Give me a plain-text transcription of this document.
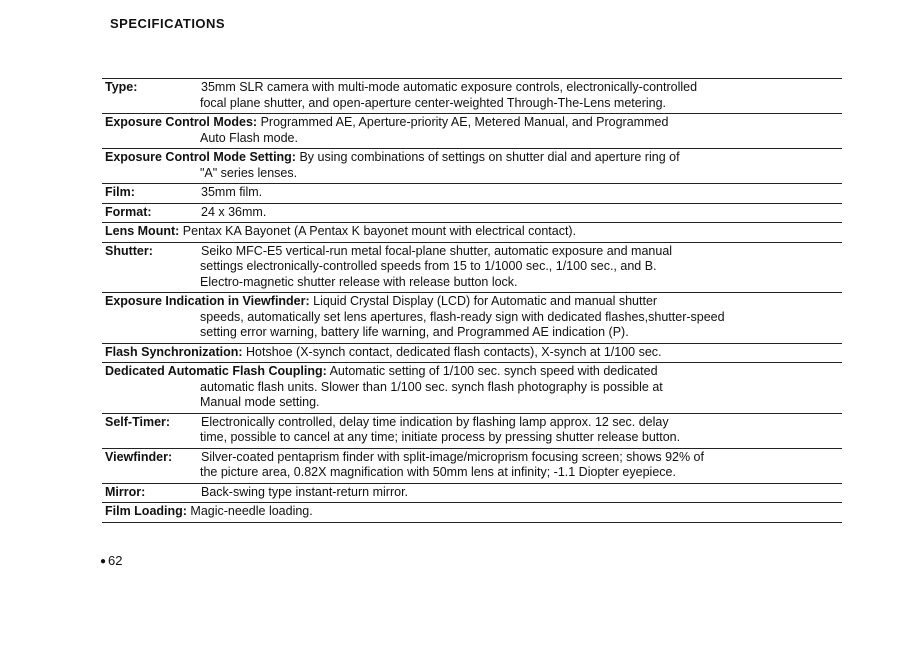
SPECIFICATIONS
Type:	35mm SLR camera with multi-mode automatic exposure controls, electronically-controlled
focal plane shutter, and open-aperture center-weighted Through-The-Lens metering.
Exposure Control Modes: Programmed AE, Aperture-priority AE, Metered Manual, and Programmed
Auto Flash mode.
Exposure Control Mode Setting: By using combinations of settings on shutter dial and aperture ring of
"A" series lenses.
Film:	35mm film.
Format:	24 x 36mm.
Lens Mount: Pentax KA Bayonet (A Pentax K bayonet mount with electrical contact).
Shutter:	Seiko MFC-E5 vertical-run metal focal-plane shutter, automatic exposure and manual
settings electronically-controlled speeds from 15 to 1/1000 sec., 1/100 sec., and B.
Electro-magnetic shutter release with release button lock.
Exposure Indication in Viewfinder: Liquid Crystal Display (LCD) for Automatic and manual shutter
speeds, automatically set lens apertures, flash-ready sign with dedicated flashes,shutter-speed
setting error warning, battery life warning, and Programmed AE indication (P).
Flash Synchronization: Hotshoe (X-synch contact, dedicated flash contacts), X-synch at 1/100 sec.
Dedicated Automatic Flash Coupling: Automatic setting of 1/100 sec. synch speed with dedicated
automatic flash units. Slower than 1/100 sec. synch flash photography is possible at
Manual mode setting.
Self-Timer: Electronically controlled, delay time indication by flashing lamp approx. 12 sec. delay
time, possible to cancel at any time; initiate process by pressing shutter release button.
Viewfinder: Silver-coated pentaprism finder with split-image/microprism focusing screen; shows 92% of
the picture area, 0.82X magnification with 50mm lens at infinity; -1.1 Diopter eyepiece.
Mirror:	Back-swing type instant-return mirror.
Film Loading: Magic-needle loading.
● 62
